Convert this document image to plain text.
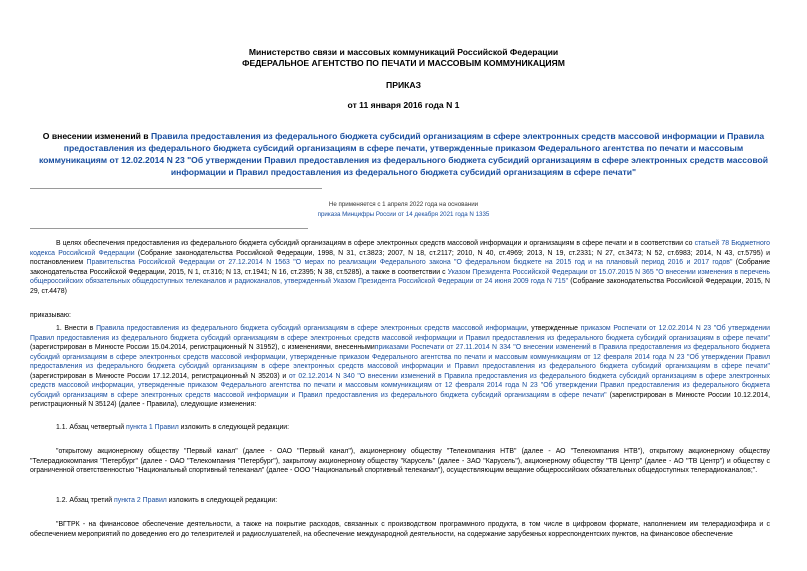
Министерство связи и массовых коммуникаций Российской Федерации
ФЕДЕРАЛЬНОЕ АГЕНТСТВО ПО ПЕЧАТИ И МАССОВЫМ КОММУНИКАЦИЯМ
ПРИКАЗ
от 11 января 2016 года N 1
О внесении изменений в Правила предоставления из федерального бюджета субсидий организациям в сфере электронных средств массовой информации и Правила предоставления из федерального бюджета субсидий организациям в сфере печати, утвержденные приказом Федерального агентства по печати и массовым коммуникациям от 12.02.2014 N 23 "Об утверждении Правил предоставления из федерального бюджета субсидий организациям в сфере электронных средств массовой информации и Правил предоставления из федерального бюджета субсидий организациям в сфере печати"
Не применяется с 1 апреля 2022 года на основании
приказа Минцифры России от 14 декабря 2021 года N 1335
В целях обеспечения предоставления из федерального бюджета субсидий организациям в сфере электронных средств массовой информации и организациям в сфере печати и в соответствии со статьей 78 Бюджетного кодекса Российской Федерации (Собрание законодательства Российской Федерации, 1998, N 31, ст.3823; 2007, N 18, ст.2117; 2010, N 40, ст.4969; 2013, N 19, ст.2331; N 27, ст.3473; N 52, ст.6983; 2014, N 43, ст.5795) и постановлением Правительства Российской Федерации от 27.12.2014 N 1563 "О мерах по реализации Федерального закона "О федеральном бюджете на 2015 год и на плановый период 2016 и 2017 годов" (Собрание законодательства Российской Федерации, 2015, N 1, ст.316; N 13, ст.1941; N 16, ст.2395; N 38, ст.5285), а также в соответствии с Указом Президента Российской Федерации от 15.07.2015 N 365 "О внесении изменения в перечень общероссийских обязательных общедоступных телеканалов и радиоканалов, утвержденный Указом Президента Российской Федерации от 24 июня 2009 года N 715" (Собрание законодательства Российской Федерации, 2015, N 29, ст.4478)
приказываю:
1. Внести в Правила предоставления из федерального бюджета субсидий организациям в сфере электронных средств массовой информации, утвержденные приказом Роспечати от 12.02.2014 N 23 "Об утверждении Правил предоставления из федерального бюджета субсидий организациям в сфере электронных средств массовой информации и Правил предоставления из федерального бюджета субсидий организациям в сфере печати" (зарегистрирован в Минюсте России 15.04.2014, регистрационный N 31952), с изменениями, внесеннымиприказами Роспечати от 27.11.2014 N 334 "О внесении изменений в Правила предоставления из федерального бюджета субсидий организациям в сфере электронных средств массовой информации, утвержденные приказом Федерального агентства по печати и массовым коммуникациям от 12 февраля 2014 года N 23 "Об утверждении Правил предоставления из федерального бюджета субсидий организациям в сфере электронных средств массовой информации и Правил предоставления из федерального бюджета субсидий организациям в сфере печати" (зарегистрирован в Минюсте России 17.12.2014, регистрационный N 35203) и от 02.12.2014 N 340 "О внесении изменений в Правила предоставления из федерального бюджета субсидий организациям в сфере электронных средств массовой информации, утвержденные приказом Федерального агентства по печати и массовым коммуникациям от 12 февраля 2014 года N 23 "Об утверждении Правил предоставления из федерального бюджета субсидий организациям в сфере электронных средств массовой информации и Правил предоставления из федерального бюджета субсидий организациям в сфере печати" (зарегистрирован в Минюсте России 10.12.2014, регистрационный N 35124) (далее - Правила), следующие изменения:
1.1. Абзац четвертый пункта 1 Правил изложить в следующей редакции:
"открытому акционерному обществу "Первый канал" (далее - ОАО "Первый канал"), акционерному обществу "Телекомпания НТВ" (далее - АО "Телекомпания НТВ"), открытому акционерному обществу "Телерадиокомпания "Петербург" (далее - ОАО "Телекомпания "Петербург"), закрытому акционерному обществу "Карусель" (далее - ЗАО "Карусель"), акционерному обществу "ТВ Центр" (далее - АО "ТВ Центр") и обществу с ограниченной ответственностью "Национальный спортивный телеканал" (далее - ООО "Национальный спортивный телеканал"), осуществляющим вещание общероссийских обязательных общедоступных телерадиоканалов;".
1.2. Абзац третий пункта 2 Правил изложить в следующей редакции:
"ВГТРК - на финансовое обеспечение деятельности, а также на покрытие расходов, связанных с производством программного продукта, в том числе в цифровом формате, наполнением им телерадиоэфира и с обеспечением мероприятий по доведению его до телезрителей и радиослушателей, на обеспечение международной деятельности, на содержание зарубежных корреспондентских пунктов, на финансовое обеспечение
